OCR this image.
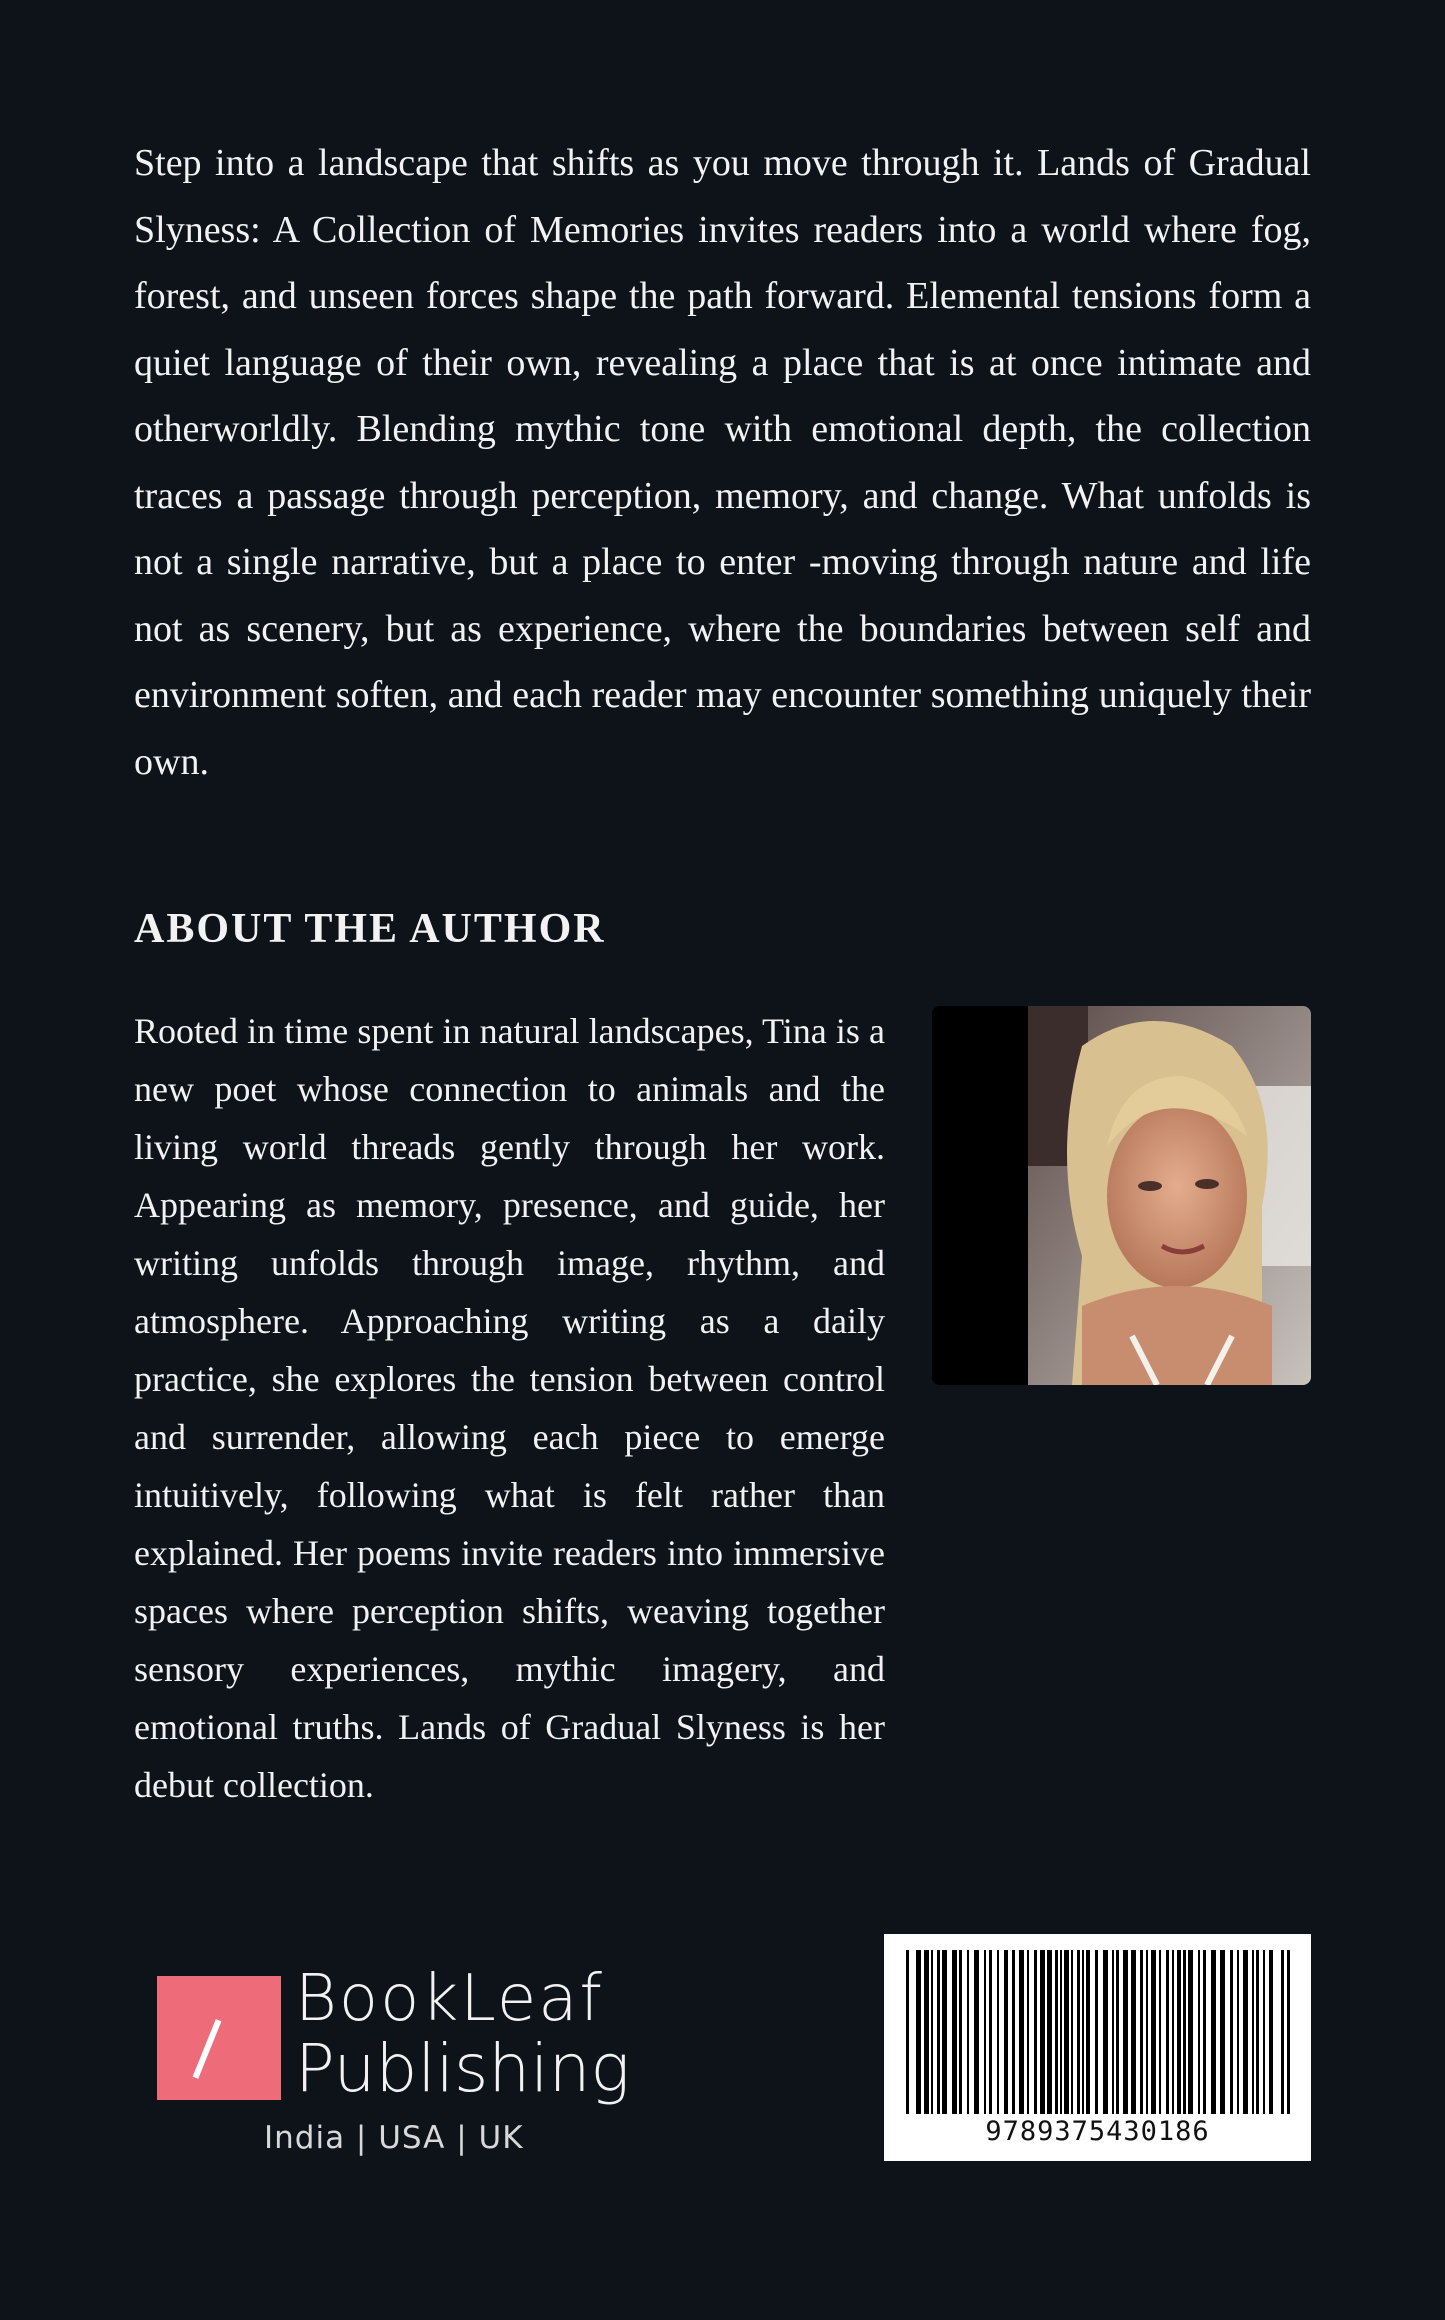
Step into a landscape that shifts as you move through it. Lands of Gradual Slyness: A Collection of Memories invites readers into a world where fog, forest, and unseen forces shape the path forward. Elemental tensions form a quiet language of their own, revealing a place that is at once intimate and otherworldly. Blending mythic tone with emotional depth, the collection traces a passage through perception, memory, and change. What unfolds is not a single narrative, but a place to enter -moving through nature and life not as scenery, but as experience, where the boundaries between self and environment soften, and each reader may encounter something uniquely their own.

ABOUT THE AUTHOR

Rooted in time spent in natural landscapes, Tina is a new poet whose connection to animals and the living world threads gently through her work. Appearing as memory, presence, and guide, her writing unfolds through image, rhythm, and atmosphere. Approaching writing as a daily practice, she explores the tension between control and surrender, allowing each piece to emerge intuitively, following what is felt rather than explained. Her poems invite readers into immersive spaces where perception shifts, weaving together sensory experiences, mythic imagery, and emotional truths. Lands of Gradual Slyness is her debut collection.

BookLeaf
Publishing
India | USA | UK	9789375430186
